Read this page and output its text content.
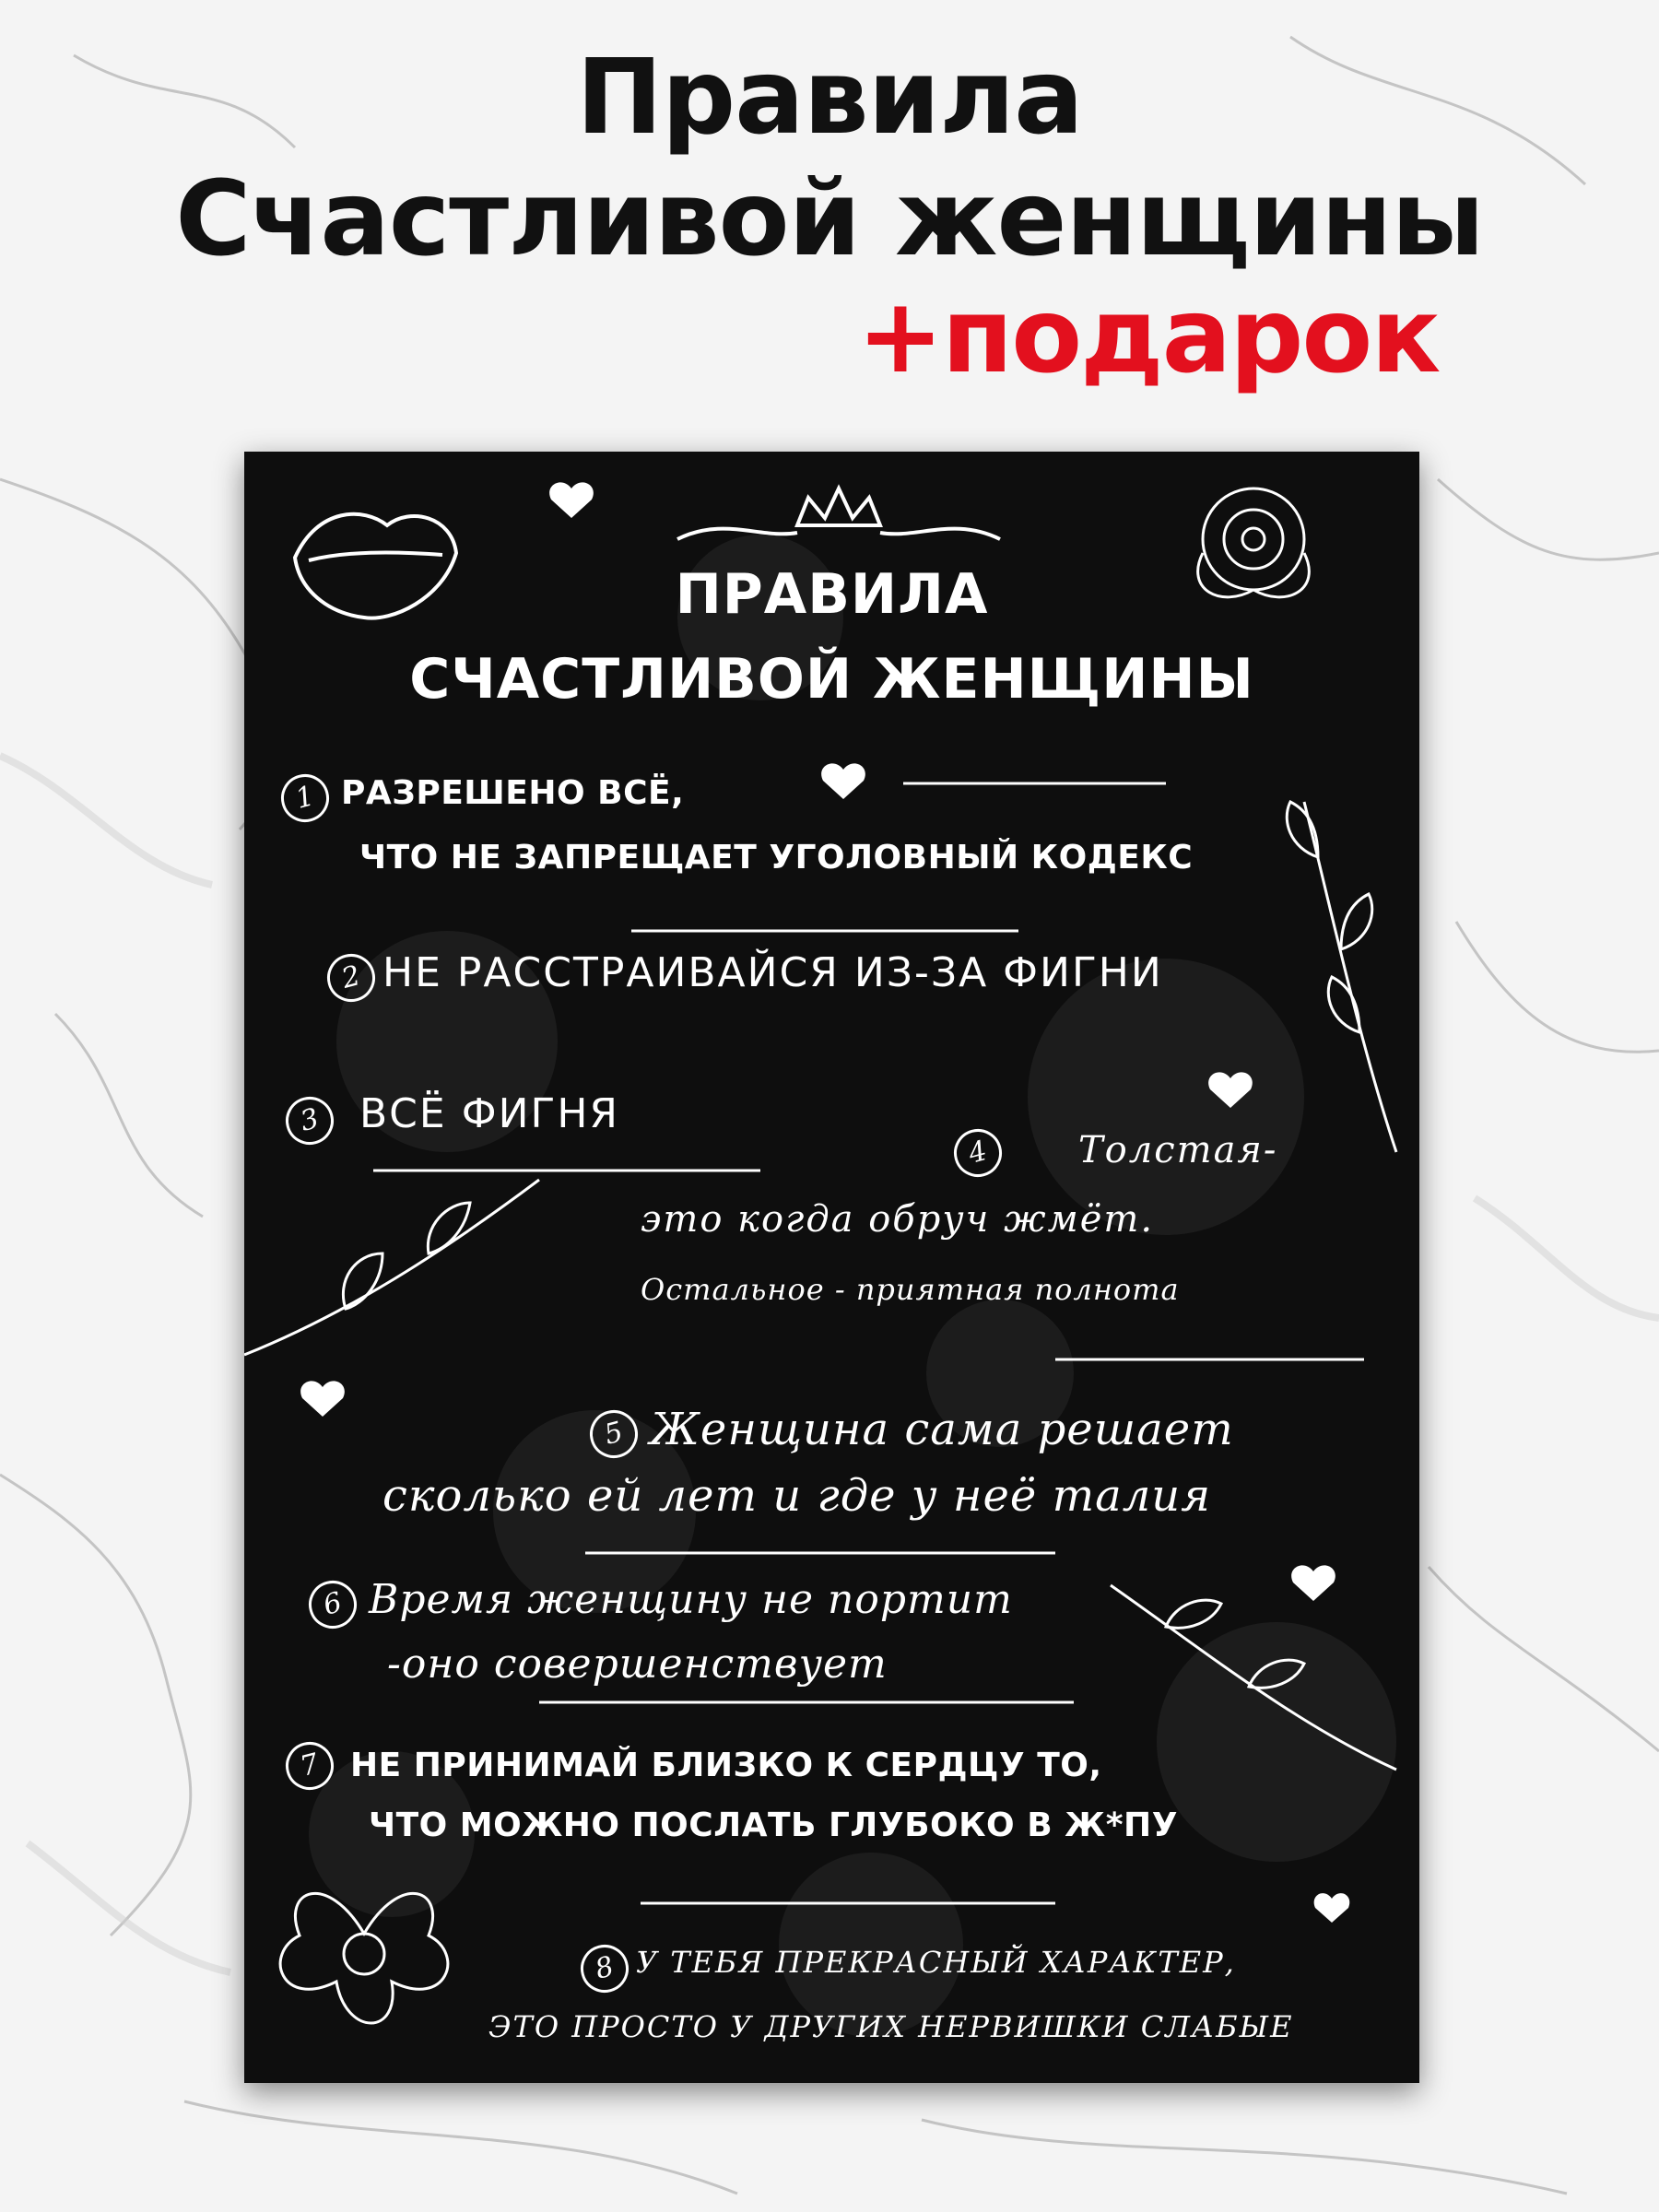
Правила
Счастливой женщины
+подарок
ПРАВИЛА
СЧАСТЛИВОЙ ЖЕНЩИНЫ
1 РАЗРЕШЕНО ВСЁ,
ЧТО НЕ ЗАПРЕЩАЕТ УГОЛОВНЫЙ КОДЕКС
2 НЕ РАССТРАИВАЙСЯ ИЗ-ЗА ФИГНИ
3 ВСЁ ФИГНЯ
4	Толстая-
это когда обруч жмёт.
Остальное - приятная полнота
5 Женщина сама решает
сколько ей лет и где у неё талия
6 Время женщину не портит
-оно совершенствует
7 НЕ ПРИНИМАЙ БЛИЗКО К СЕРДЦУ ТО,
ЧТО МОЖНО ПОСЛАТЬ ГЛУБОКО В Ж*ПУ
8 У ТЕБЯ ПРЕКРАСНЫЙ ХАРАКТЕР,
ЭТО ПРОСТО У ДРУГИХ НЕРВИШКИ СЛАБЫЕ
